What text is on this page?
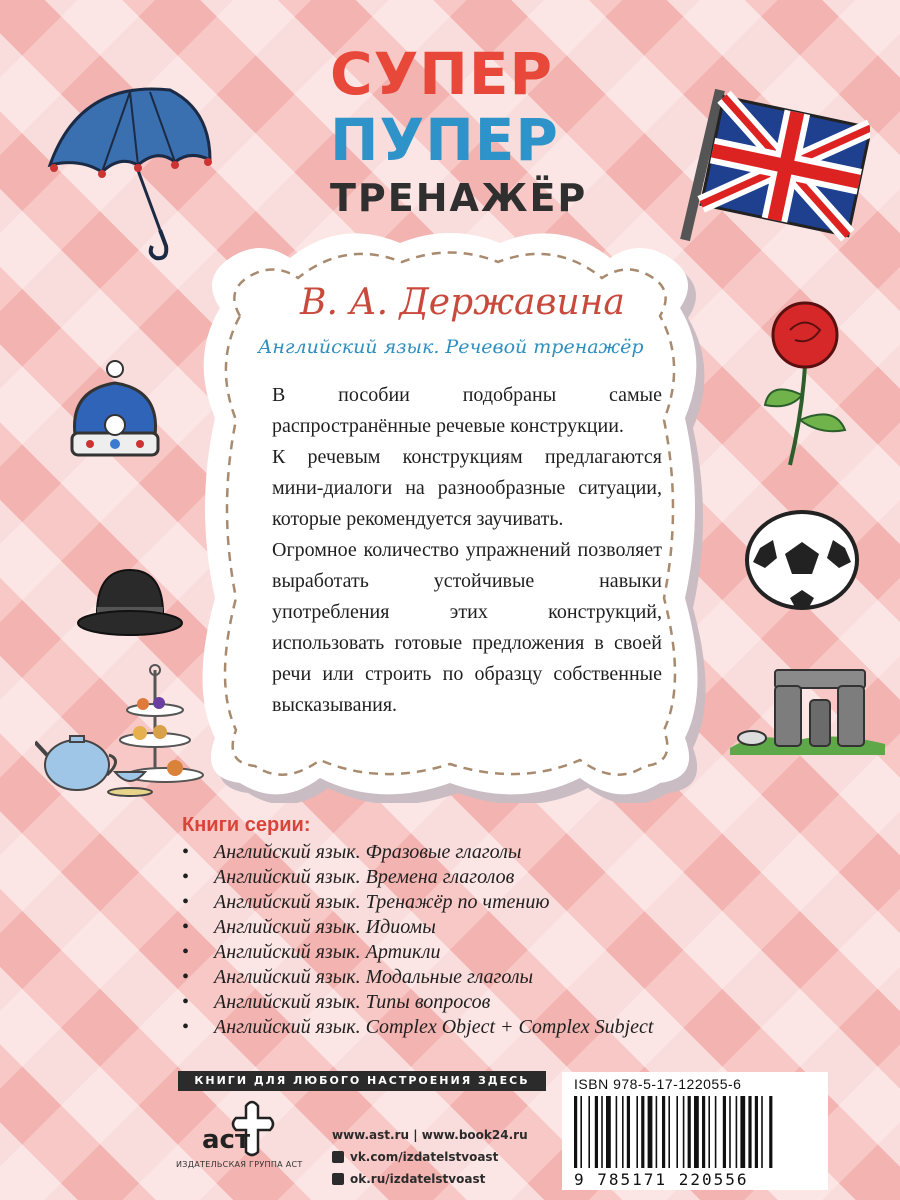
СУПЕР
ПУПЕР
ТРЕНАЖЁР
В. А. Державина
Английский язык. Речевой тренажёр

В пособии подобраны самые распространённые речевые конструкции.

К речевым конструкциям предлагаются мини-диалоги на разнообразные ситуации, которые рекомендуется заучивать.

Огромное количество упражнений позволяет выработать устойчивые навыки употребления этих конструкций, использовать готовые предложения в своей речи или строить по образцу собственные высказывания.

Книги серии:
• Английский язык. Фразовые глаголы
• Английский язык. Времена глаголов
• Английский язык. Тренажёр по чтению
• Английский язык. Идиомы
• Английский язык. Артикли
• Английский язык. Модальные глаголы
• Английский язык. Типы вопросов
• Английский язык. Complex Object + Complex Subject
КНИГИ ДЛЯ ЛЮБОГО НАСТРОЕНИЯ ЗДЕСЬ
аст
ИЗДАТЕЛЬСКАЯ ГРУППА АСТ
www.ast.ru | www.book24.ru
vk.com/izdatelstvoast
ok.ru/izdatelstvoast
ISBN 978-5-17-122055-6
9 785171 220556
